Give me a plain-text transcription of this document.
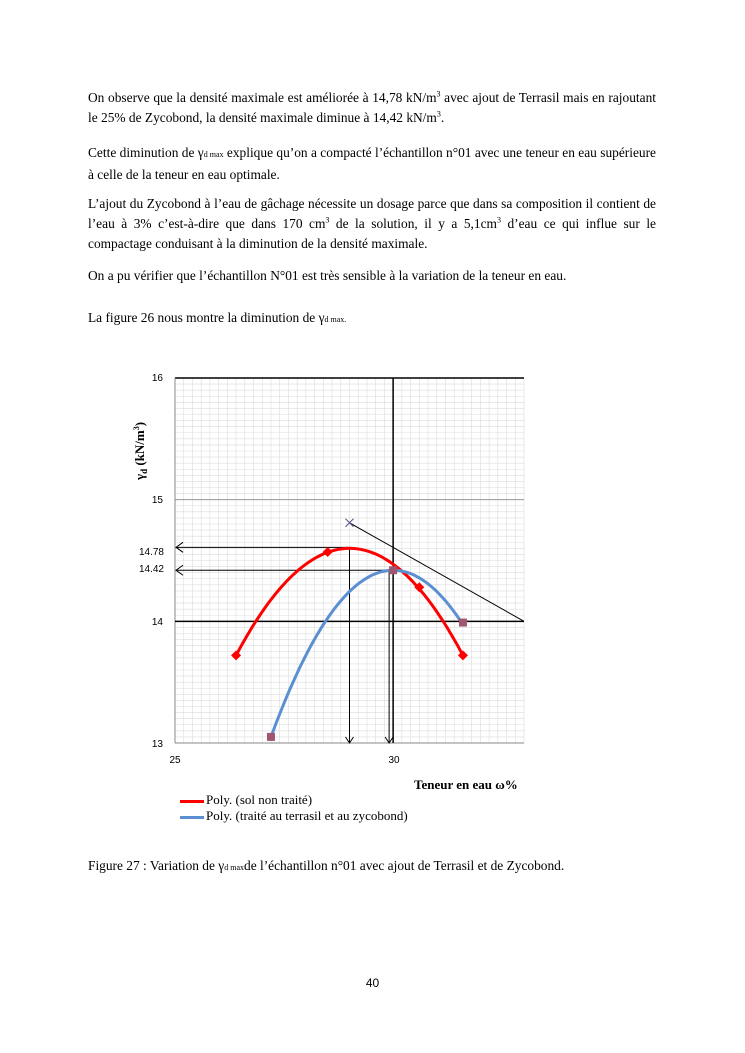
On observe que la densité maximale est améliorée à 14,78 $kN/m^3$ avec ajout de Terrasil mais en rajoutant le 25% de Zycobond, la densité maximale diminue à 14,42 $kN/m^3$.

Cette diminution de γd max explique qu’on a compacté l’échantillon n°01 avec une teneur en eau supérieure à celle de la teneur en eau optimale.

L’ajout du Zycobond à l’eau de gâchage nécessite un dosage parce que dans sa composition il contient de l’eau à 3% c’est-à-dire que dans 170 $cm^3$ de la solution, il y a $5,1cm^3$ d’eau ce qui influe sur le compactage conduisant à la diminution de la densité maximale.

On a pu vérifier que l’échantillon N°01 est très sensible à la variation de la teneur en eau.

La figure 26 nous montre la diminution de γd max.

16
15
14
13
14.78
14.42
25	30
$\gamma_d$ $(kN/m^3)$
Teneur en eau ω%
Poly. (sol non traité)
Poly. (traité au terrasil et au zycobond)
Figure 27 : Variation de γd maxde l’échantillon n°01 avec ajout de Terrasil et de Zycobond.
40
